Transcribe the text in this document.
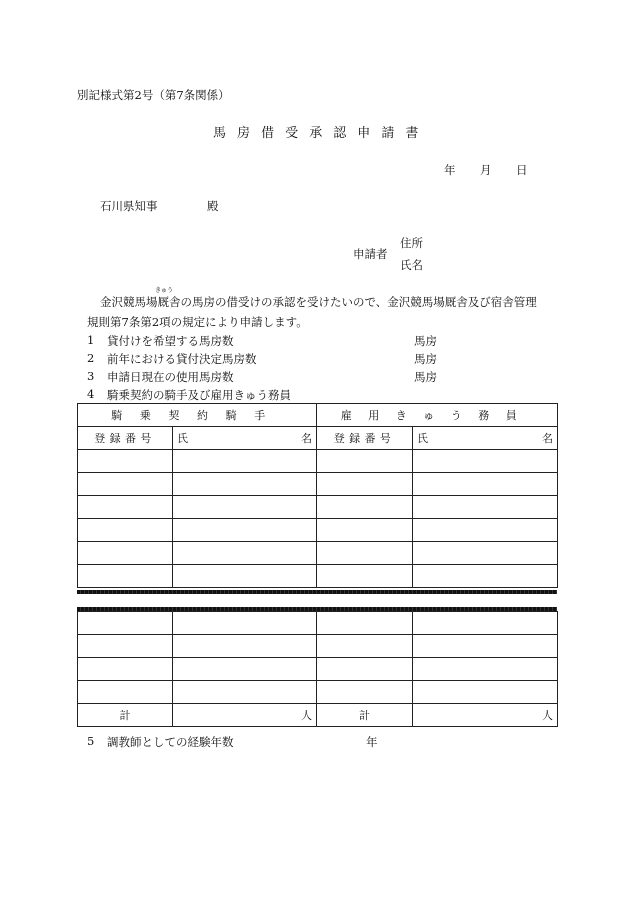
別記様式第2号（第7条関係）
馬房借受承認申請書
年 月 日
石川県知事	殿
申請者
住所
氏名
きゅう
金沢競馬場厩舎の馬房の借受けの承認を受けたいので、金沢競馬場厩舎及び宿舎管理
規則第7条第2項の規定により申請します。
1 貸付けを希望する馬房数	馬房
2 前年における貸付決定馬房数	馬房
3 申請日現在の使用馬房数	馬房
4 騎乗契約の騎手及び雇用きゅう務員
騎乗契約騎手		雇用きゅう務員	
登録番号	氏 名	登録番号	氏 名

計	人	計	人
5 調教師としての経験年数	年
